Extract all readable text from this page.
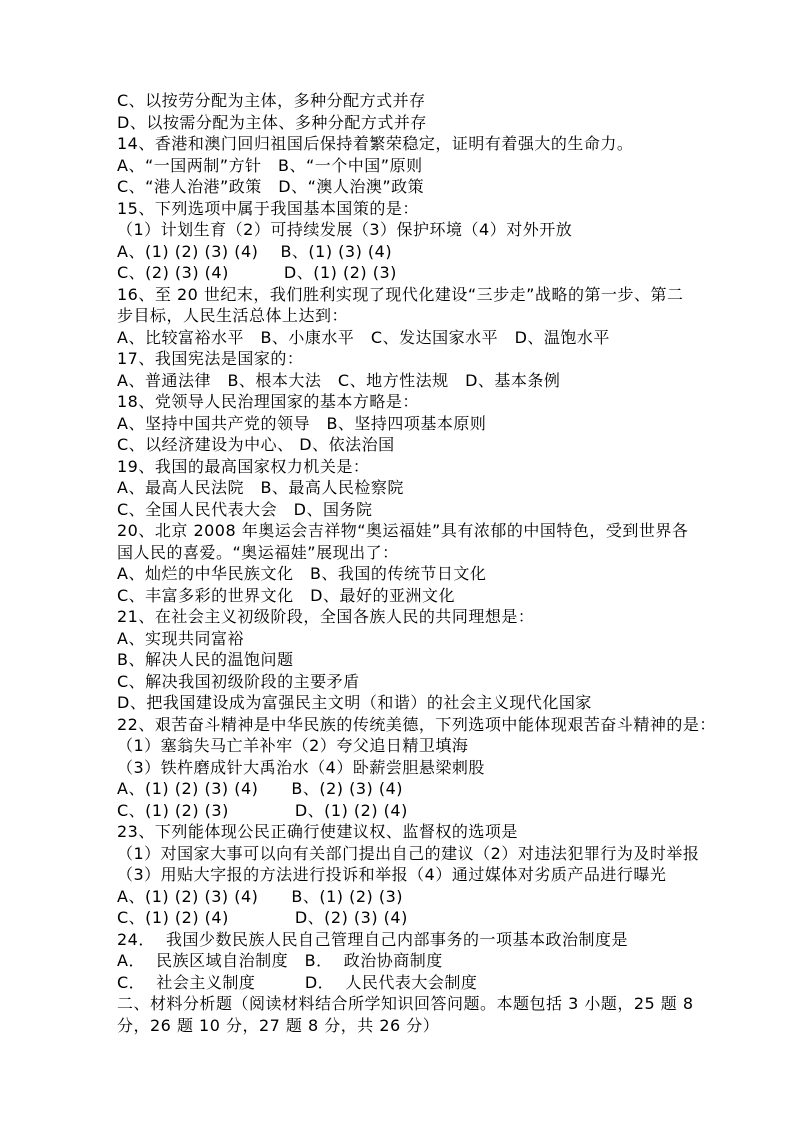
C、以按劳分配为主体，多种分配方式并存
D、以按需分配为主体、多种分配方式并存
14、香港和澳门回归祖国后保持着繁荣稳定，证明有着强大的生命力。
A、“一国两制”方针　B、“一个中国”原则
C、“港人治港”政策　D、“澳人治澳”政策
15、下列选项中属于我国基本国策的是：
（1）计划生育（2）可持续发展（3）保护环境（4）对外开放
A、(1) (2) (3) (4)　 B、(1) (3) (4)
C、(2) (3) (4)　　　 D、(1) (2) (3)
16、至 20 世纪末，我们胜利实现了现代化建设“三步走”战略的第一步、第二
步目标，人民生活总体上达到：
A、比较富裕水平　B、小康水平　C、发达国家水平　D、温饱水平
17、我国宪法是国家的：
A、普通法律　B、根本大法　C、地方性法规　D、基本条例
18、党领导人民治理国家的基本方略是：
A、坚持中国共产党的领导　B、坚持四项基本原则
C、以经济建设为中心、 D、依法治国
19、我国的最高国家权力机关是：
A、最高人民法院　B、最高人民检察院
C、全国人民代表大会　D、国务院
20、北京 2008 年奥运会吉祥物“奥运福娃”具有浓郁的中国特色，受到世界各
国人民的喜爱。“奥运福娃”展现出了：
A、灿烂的中华民族文化　B、我国的传统节日文化
C、丰富多彩的世界文化　D、最好的亚洲文化
21、在社会主义初级阶段，全国各族人民的共同理想是：
A、实现共同富裕
B、解决人民的温饱问题
C、解决我国初级阶段的主要矛盾
D、把我国建设成为富强民主文明（和谐）的社会主义现代化国家
22、艰苦奋斗精神是中华民族的传统美德，下列选项中能体现艰苦奋斗精神的是：
（1）塞翁失马亡羊补牢（2）夸父追日精卫填海
（3）铁杵磨成针大禹治水（4）卧薪尝胆悬梁刺股
A、(1) (2) (3) (4)　　B、(2) (3) (4)
C、(1) (2) (3)　　　　D、(1) (2) (4)
23、下列能体现公民正确行使建议权、监督权的选项是
（1）对国家大事可以向有关部门提出自己的建议（2）对违法犯罪行为及时举报
（3）用贴大字报的方法进行投诉和举报（4）通过媒体对劣质产品进行曝光
A、(1) (2) (3) (4)　　B、(1) (2) (3)
C、(1) (2) (4)　　　　D、(2) (3) (4)
24．  我国少数民族人民自己管理自己内部事务的一项基本政治制度是
A．  民族区域自治制度　B．  政治协商制度
C．  社会主义制度　　　D．  人民代表大会制度
二、材料分析题（阅读材料结合所学知识回答问题。本题包括 3 小题，25 题 8
分，26 题 10 分，27 题 8 分，共 26 分）
